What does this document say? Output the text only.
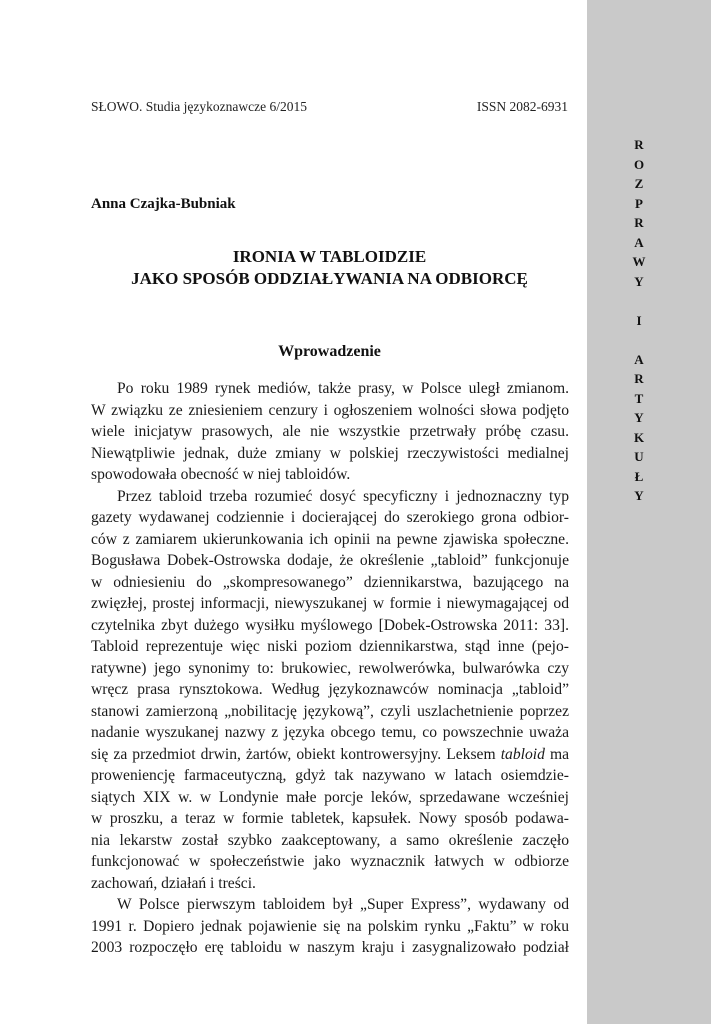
SŁOWO. Studia językoznawcze 6/2015	ISSN 2082-6931
Anna Czajka-Bubniak
IRONIA W TABLOIDZIE
JAKO SPOSÓB ODDZIAŁYWANIA NA ODBIORCĘ
Wprowadzenie
Po roku 1989 rynek mediów, także prasy, w Polsce uległ zmianom.
W związku ze zniesieniem cenzury i ogłoszeniem wolności słowa podjęto
wiele inicjatyw prasowych, ale nie wszystkie przetrwały próbę czasu.
Niewątpliwie jednak, duże zmiany w polskiej rzeczywistości medialnej
spowodowała obecność w niej tabloidów.
Przez tabloid trzeba rozumieć dosyć specyficzny i jednoznaczny typ
gazety wydawanej codziennie i docierającej do szerokiego grona odbior-
ców z zamiarem ukierunkowania ich opinii na pewne zjawiska społeczne.
Bogusława Dobek-Ostrowska dodaje, że określenie „tabloid” funkcjonuje
w odniesieniu do „skompresowanego” dziennikarstwa, bazującego na
zwięzłej, prostej informacji, niewyszukanej w formie i niewymagającej od
czytelnika zbyt dużego wysiłku myślowego [Dobek-Ostrowska 2011: 33].
Tabloid reprezentuje więc niski poziom dziennikarstwa, stąd inne (pejo-
ratywne) jego synonimy to: brukowiec, rewolwerówka, bulwarówka czy
wręcz prasa rynsztokowa. Według językoznawców nominacja „tabloid”
stanowi zamierzoną „nobilitację językową”, czyli uszlachetnienie poprzez
nadanie wyszukanej nazwy z języka obcego temu, co powszechnie uważa
się za przedmiot drwin, żartów, obiekt kontrowersyjny. Leksem tabloid ma
proweniencję farmaceutyczną, gdyż tak nazywano w latach osiemdzie-
siątych XIX w. w Londynie małe porcje leków, sprzedawane wcześniej
w proszku, a teraz w formie tabletek, kapsułek. Nowy sposób podawa-
nia lekarstw został szybko zaakceptowany, a samo określenie zaczęło
funkcjonować w społeczeństwie jako wyznacznik łatwych w odbiorze
zachowań, działań i treści.
W Polsce pierwszym tabloidem był „Super Express”, wydawany od
1991 r. Dopiero jednak pojawienie się na polskim rynku „Faktu” w roku
2003 rozpoczęło erę tabloidu w naszym kraju i zasygnalizowało podział
R
O
Z
P
R
A
W
Y
I
A
R
T
Y
K
U
Ł
Y
